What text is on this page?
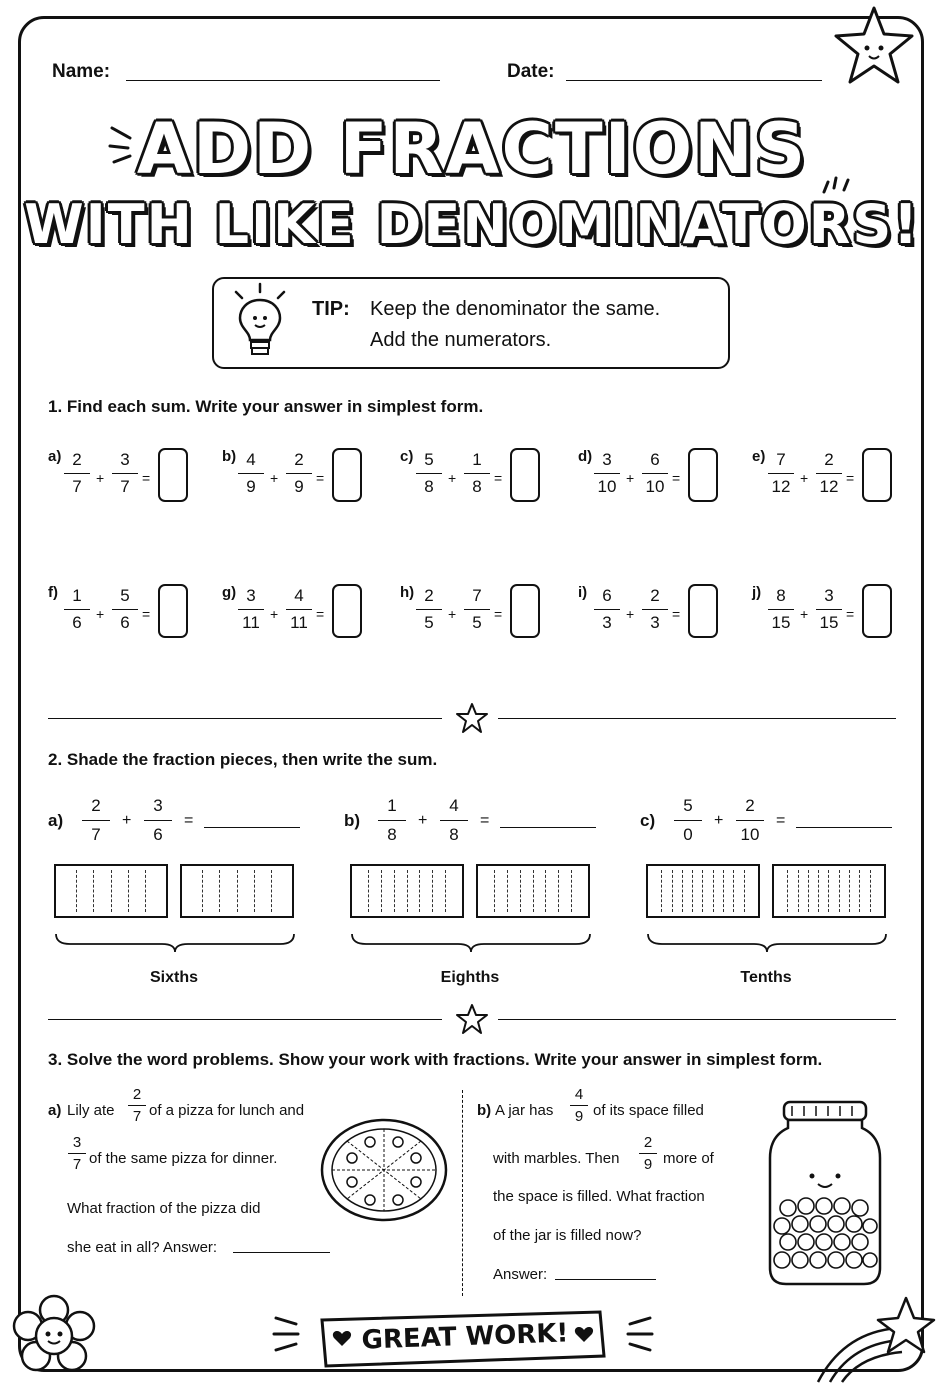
Name:	Date:
ADD FRACTIONS
WITH LIKE DENOMINATORS!
TIP: Keep the denominator the same.
Add the numerators.
1. Find each sum. Write your answer in simplest form.
a) 2
7	+
3
7 =
b) 4
9	+
2
9 =
c) 5
8	+
1
8 =
d) 3
10 +
6
10 =
e) 7
12 +
2
12 =
f) 1
6	+
5
6 =
g) 3
11 +
4
11 =
h) 2
5	+
7
5 =
i) 6
3	+
2
3 =
j) 8
15 +
3
15 =
2. Shade the fraction pieces, then write the sum.
a)
2
7
+
3
6
=
Sixths
b)
1
8
+
4
8
=
Eighths
c)
5
0
+
2
10
=
Tenths
3. Solve the word problems. Show your work with fractions. Write your answer in simplest form.
a) Lily ate
2
7 of a pizza for lunch and
3
7 of the same pizza for dinner.
What fraction of the pizza did
she eat in all? Answer:
b) A jar has
4
9 of its space filled
with marbles. Then
2
9 more of
the space is filled. What fraction
of the jar is filled now?
Answer:
GREAT WORK!
